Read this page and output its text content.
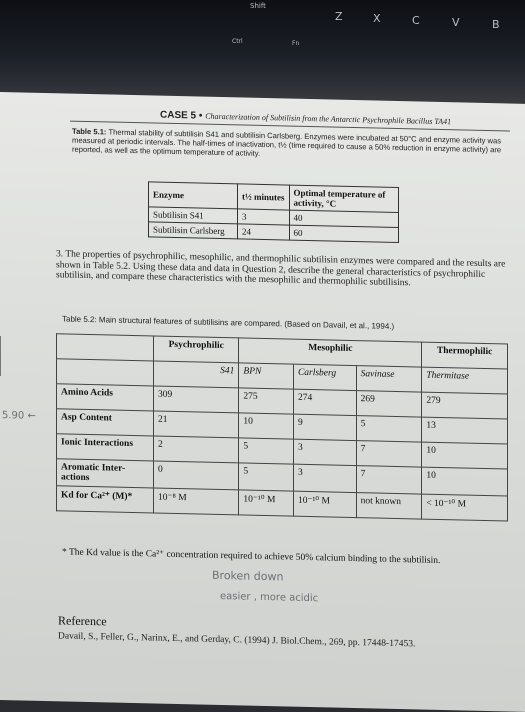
Shift
Z	X	C	V	B
Ctrl	Fn
CASE 5 • Characterization of Subtilisin from the Antarctic Psychrophile Bacillus TA41
Table 5.1: Thermal stability of subtilisin S41 and subtilisin Carlsberg. Enzymes were incubated at 50°C and enzyme activity was measured at periodic intervals. The half-times of inactivation, t½ (time required to cause a 50% reduction in enzyme activity) are reported, as well as the optimum temperature of activity.
Enzyme	t½ minutes	Optimal temperature of activity, °C
Subtilisin S41	3	40
Subtilisin Carlsberg	24	60
3. The properties of psychrophilic, mesophilic, and thermophilic subtilisin enzymes were compared and the results are shown in Table 5.2. Using these data and data in Question 2, describe the general characteristics of psychrophilic subtilisin, and compare these characteristics with the mesophilic and thermophilic subtilisins.
Table 5.2: Main structural features of subtilisins are compared. (Based on Davail, et al., 1994.)
	Psychrophilic	Mesophilic			Thermophilic
	S41	BPN	Carlsberg	Savinase	Thermitase
Amino Acids	309	275	274	269	279
Asp Content	21	10	9	5	13
Ionic Interactions	2	5	3	7	10
Aromatic Inter- actions	0	5	3	7	10
Kd for Ca²⁺ (M)*	10⁻⁸ M	10⁻¹⁰ M	10⁻¹⁰ M	not known	< 10⁻¹⁰ M
5.90 ←
* The Kd value is the Ca²⁺ concentration required to achieve 50% calcium binding to the subtilisin.
Broken down
easier , more acidic
Reference
Davail, S., Feller, G., Narinx, E., and Gerday, C. (1994) J. Biol.Chem., 269, pp. 17448-17453.
